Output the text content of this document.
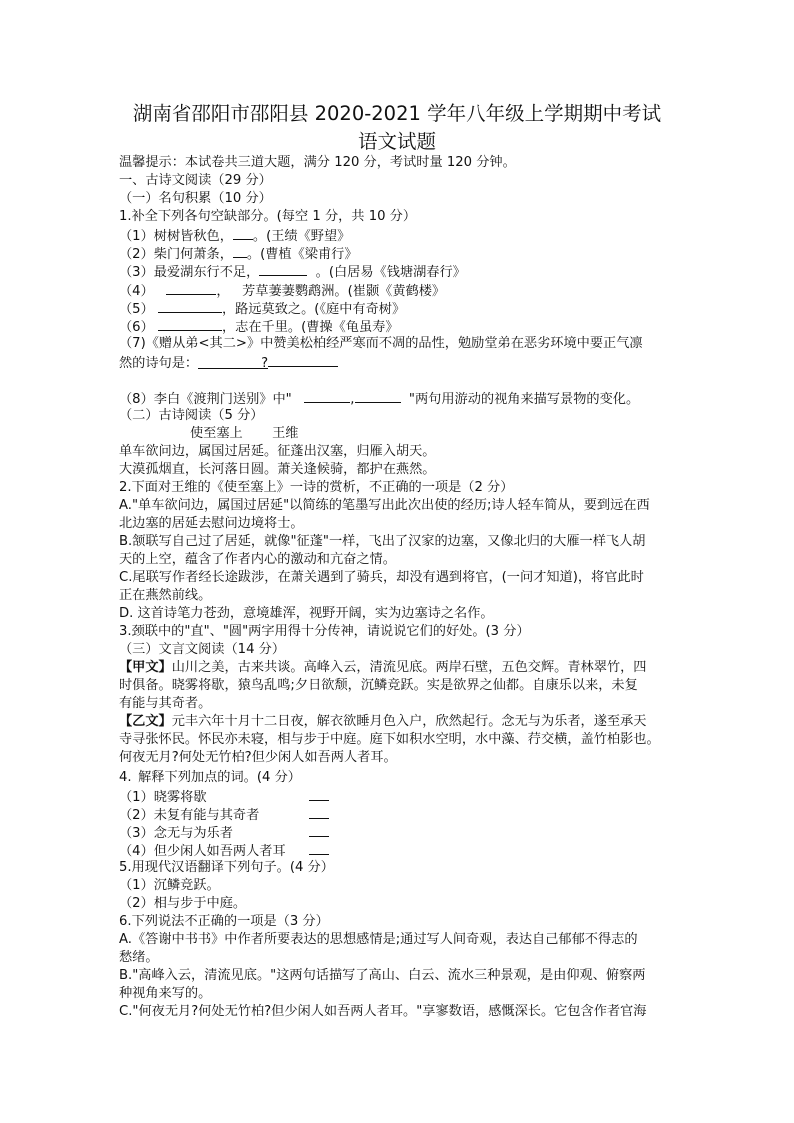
湖南省邵阳市邵阳县 2020-2021 学年八年级上学期期中考试
语文试题
温馨提示：本试卷共三道大题，满分 120 分，考试时量 120 分钟。
一、古诗文阅读（29 分）
（一）名句积累（10 分）
1.补全下列各句空缺部分。(每空 1 分，共 10 分）
（1）树树皆秋色， 。(王绩《野望》
（2）柴门何萧条， 。(曹植《梁甫行》
（3）最爱湖东行不足，	。(白居易《钱塘湖春行》
（4）	， 芳草萋萋鹦鹉洲。(崔颢《黄鹤楼》
（5）	，路远莫致之。(《庭中有奇树》
（6）	，志在千里。(曹操《龟虽寿》
（7)《赠从弟<其二>》中赞美松柏经严寒而不凋的品性，勉励堂弟在恶劣环境中要正气凛
然的诗句是：	?
（8）李白《渡荆门送别》中"	,	"两句用游动的视角来描写景物的变化。
（二）古诗阅读（5 分）
使至塞上 王维
单车欲问边，属国过居延。征蓬出汉塞，归雁入胡天。
大漠孤烟直，长河落日圆。萧关逢候骑，都护在燕然。
2.下面对王维的《使至塞上》一诗的赏析，不正确的一项是（2 分）
A."单车欲问边，属国过居延"以简练的笔墨写出此次出使的经历;诗人轻车简从，要到远在西
北边塞的居延去慰问边境将士。
B.颔联写自己过了居延，就像"征蓬"一样，飞出了汉家的边塞，又像北归的大雁一样飞人胡
天的上空，蕴含了作者内心的激动和亢奋之情。
C.尾联写作者经长途跋涉，在萧关遇到了骑兵，却没有遇到将官，(一问才知道)，将官此时
正在燕然前线。
D. 这首诗笔力苍劲，意境雄浑，视野开阔，实为边塞诗之名作。
3.颈联中的"直"、"圆"两字用得十分传神，请说说它们的好处。(3 分）
（三）文言文阅读（14 分）
【甲文】山川之美，古来共谈。高峰入云，清流见底。两岸石壁，五色交辉。青林翠竹，四
时俱备。晓雾将歇，猿鸟乱鸣;夕日欲颓，沉鳞竞跃。实是欲界之仙都。自康乐以来，未复
有能与其奇者。
【乙文】元丰六年十月十二日夜，解衣欲睡月色入户，欣然起行。念无与为乐者，遂至承天
寺寻张怀民。怀民亦未寝，相与步于中庭。庭下如积水空明，水中藻、荇交横，盖竹柏影也。
何夜无月?何处无竹柏?但少闲人如吾两人者耳。
4. 解释下列加点的词。(4 分）
（1）晓雾将歇
（2）未复有能与其奇者
（3）念无与为乐者
（4）但少闲人如吾两人者耳
5.用现代汉语翻译下列句子。(4 分）
（1）沉鳞竞跃。
（2）相与步于中庭。
6.下列说法不正确的一项是（3 分）
A.《答谢中书书》中作者所要表达的思想感情是;通过写人间奇观，表达自己郁郁不得志的
愁绪。
B."高峰入云，清流见底。"这两句话描写了高山、白云、流水三种景观，是由仰观、俯察两
种视角来写的。
C."何夜无月?何处无竹柏?但少闲人如吾两人者耳。"享寥数语，感慨深长。它包含作者官海
